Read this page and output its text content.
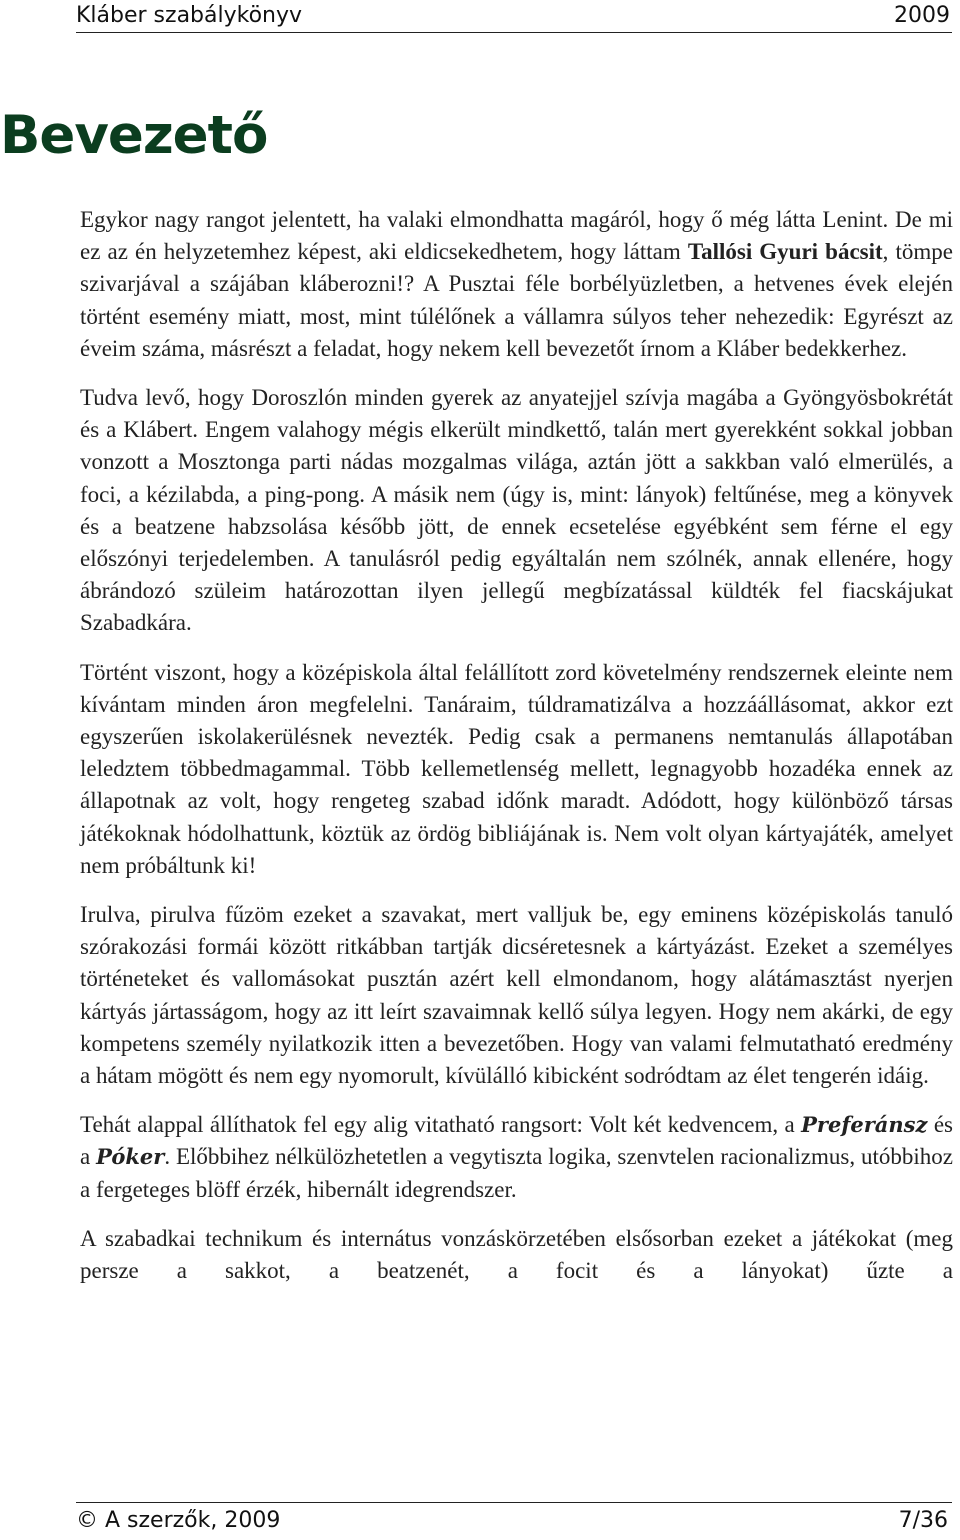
Kláber szabálykönyv	2009
Bevezető

Egykor nagy rangot jelentett, ha valaki elmondhatta magáról, hogy ő még látta Lenint. De mi ez az én helyzetemhez képest, aki eldicsekedhetem, hogy láttam Tallósi Gyuri bácsit, tömpe szivarjával a szájában kláberozni!? A Pusztai féle borbélyüzletben, a hetvenes évek elején történt esemény miatt, most, mint túlélőnek a vállamra súlyos teher nehezedik: Egyrészt az éveim száma, másrészt a feladat, hogy nekem kell bevezetőt írnom a Kláber bedekkerhez.

Tudva levő, hogy Doroszlón minden gyerek az anyatejjel szívja magába a Gyöngyösbokrétát és a Klábert. Engem valahogy mégis elkerült mindkettő, talán mert gyerekként sokkal jobban vonzott a Mosztonga parti nádas mozgalmas világa, aztán jött a sakkban való elmerülés, a foci, a kézilabda, a ping-pong. A másik nem (úgy is, mint: lányok) feltűnése, meg a könyvek és a beatzene habzsolása később jött, de ennek ecsetelése egyébként sem férne el egy előszónyi terjedelemben. A tanulásról pedig egyáltalán nem szólnék, annak ellenére, hogy ábrándozó szüleim határozottan ilyen jellegű megbízatással küldték fel fiacskájukat Szabadkára.

Történt viszont, hogy a középiskola által felállított zord követelmény rendszernek eleinte nem kívántam minden áron megfelelni. Tanáraim, túldramatizálva a hozzáállásomat, akkor ezt egyszerűen iskolakerülésnek nevezték. Pedig csak a permanens nemtanulás állapotában leledztem többedmagammal. Több kellemetlenség mellett, legnagyobb hozadéka ennek az állapotnak az volt, hogy rengeteg szabad időnk maradt. Adódott, hogy különböző társas játékoknak hódolhattunk, köztük az ördög bibliájának is. Nem volt olyan kártyajáték, amelyet nem próbáltunk ki!

Irulva, pirulva fűzöm ezeket a szavakat, mert valljuk be, egy eminens középiskolás tanuló szórakozási formái között ritkábban tartják dicséretesnek a kártyázást. Ezeket a személyes történeteket és vallomásokat pusztán azért kell elmondanom, hogy alátámasztást nyerjen kártyás jártasságom, hogy az itt leírt szavaimnak kellő súlya legyen. Hogy nem akárki, de egy kompetens személy nyilatkozik itten a bevezetőben. Hogy van valami felmutatható eredmény a hátam mögött és nem egy nyomorult, kívülálló kibicként sodródtam az élet tengerén idáig.

Tehát alappal állíthatok fel egy alig vitatható rangsort: Volt két kedvencem, a Preferánsz és a Póker. Előbbihez nélkülözhetetlen a vegytiszta logika, szenvtelen racionalizmus, utóbbihoz a fergeteges blöff érzék, hibernált idegrendszer.

A szabadkai technikum és internátus vonzáskörzetében elsősorban ezeket a játékokat (meg persze a sakkot, a beatzenét, a focit és a lányokat) űzte a

© A szerzők, 2009	7/36
